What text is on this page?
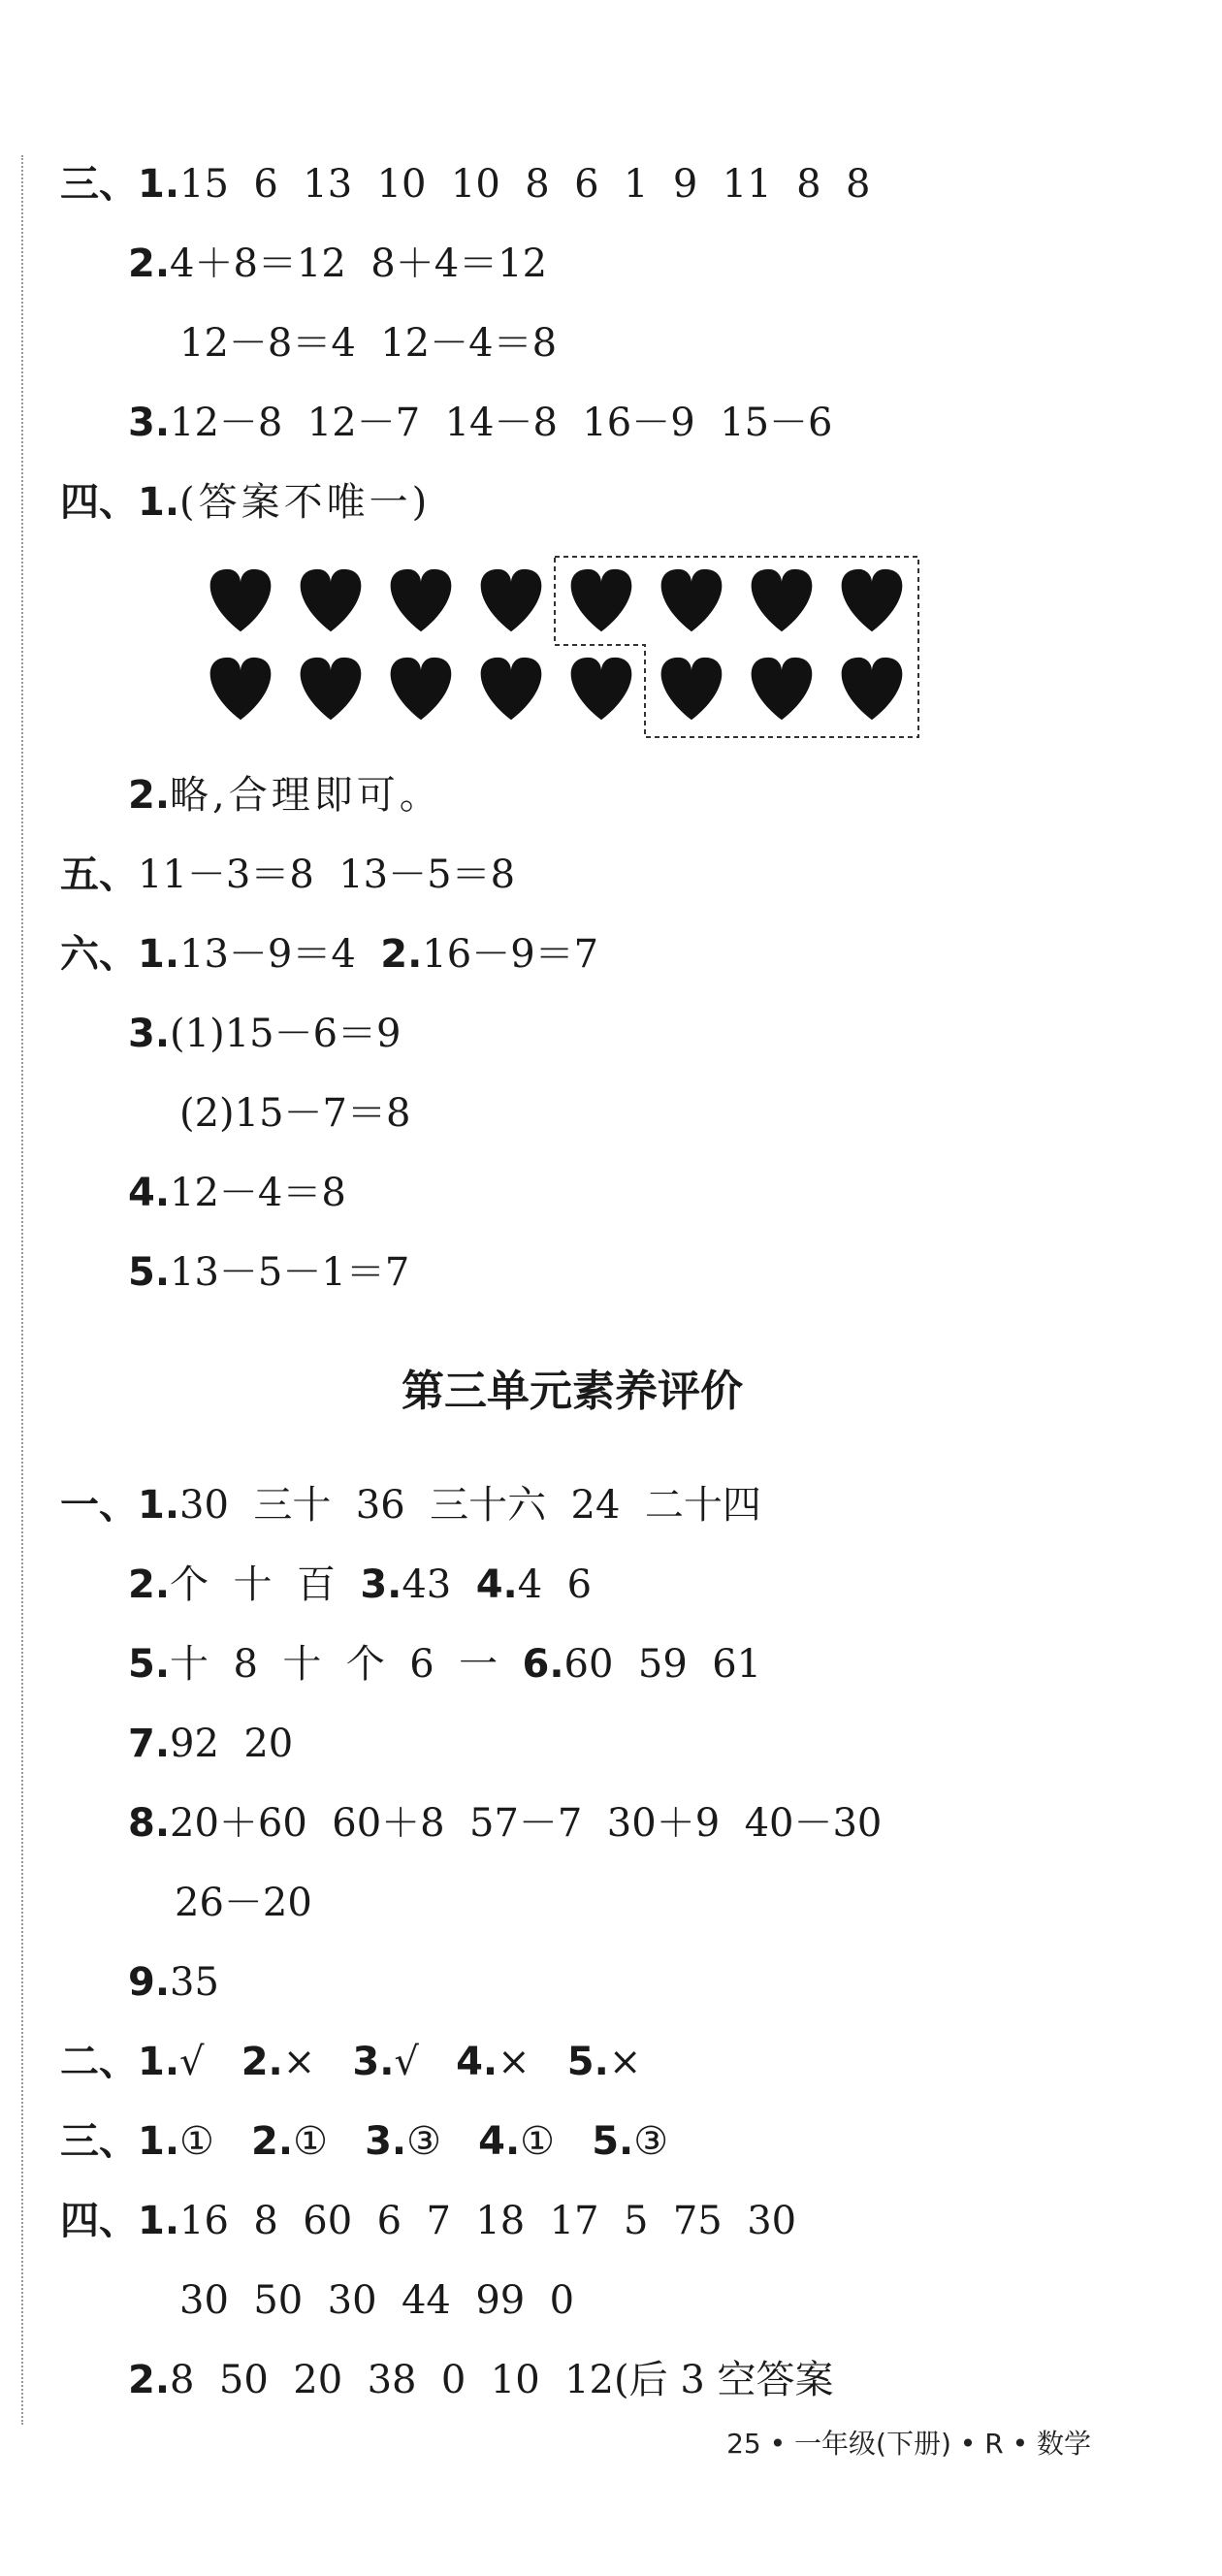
三、1.15  6  13  10  10  8  6  1  9  11  8  8

2.4＋8＝12  8＋4＝12

12－8＝4  12－4＝8

3.12－8  12－7  14－8  16－9  15－6

四、1.(答案不唯一)

2.略,合理即可。

五、11－3＝8  13－5＝8

六、1.13－9＝4 2.16－9＝7

3.(1)15－6＝9

(2)15－7＝8

4.12－4＝8

5.13－5－1＝7

第三单元素养评价

一、1.30  三十  36  三十六  24  二十四

2.个  十  百 3.43 4.4  6

5.十  8  十  个  6  一 6.60  59  61

7.92  20

8.20＋60  60＋8  57－7  30＋9  40－30

26－20

9.35

二、1.√ 2.× 3.√ 4.× 5.×

三、1.① 2.① 3.③ 4.① 5.③

四、1.16  8  60  6  7  18  17  5  75  30

30  50  30  44  99  0

2.8  50  20  38  0  10  12(后 3 空答案

25 • 一年级(下册) • R • 数学
